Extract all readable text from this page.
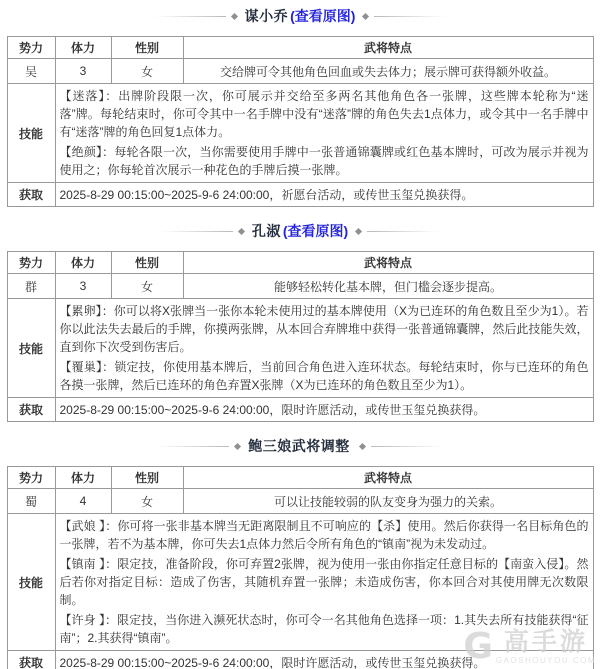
谋小乔 (查看原图)
势力	体力	性别	武将特点
吴	3	女	交给牌可令其他角色回血或失去体力；展示牌可获得额外收益。
技能	【迷落】：出牌阶段限一次，你可展示并交给至多两名其他角色各一张牌，这些牌本轮称为“迷落”牌。每轮结束时，你可令其中一名手牌中没有“迷落”牌的角色失去1点体力，或令其中一名手牌中有“迷落”牌的角色回复1点体力。

【绝颜】：每轮各限一次，当你需要使用手牌中一张普通锦囊牌或红色基本牌时，可改为展示并视为使用之；你每轮首次展示一种花色的手牌后摸一张牌。		

获取	2025-8-29 00:15:00~2025-9-6 24:00:00，祈愿台活动，或传世玉玺兑换获得。		
孔淑 (查看原图)
势力	体力	性别	武将特点
群	3	女	能够轻松转化基本牌，但门槛会逐步提高。
技能	【累卵】：你可以将X张牌当一张你本轮未使用过的基本牌使用（X为已连环的角色数且至少为1）。若你以此法失去最后的手牌，你摸两张牌，从本回合弃牌堆中获得一张普通锦囊牌，然后此技能失效，直到你下次受到伤害后。

【覆巢】：锁定技，你使用基本牌后，当前回合角色进入连环状态。每轮结束时，你与已连环的角色各摸一张牌，然后已连环的角色弃置X张牌（X为已连环的角色数且至少为1）。		

获取	2025-8-29 00:15:00~2025-9-6 24:00:00，限时许愿活动，或传世玉玺兑换获得。		
鲍三娘武将调整
势力	体力	性别	武将特点
蜀	4	女	可以让技能较弱的队友变身为强力的关索。
技能	【武娘 】：你可将一张非基本牌当无距离限制且不可响应的【杀】使用。然后你获得一名目标角色的一张牌，若不为基本牌，你可失去1点体力然后令所有角色的“镇南”视为未发动过。

【镇南 】：限定技，准备阶段，你可弃置2张牌，视为使用一张由你指定任意目标的【南蛮入侵】。然后若你对指定目标：造成了伤害，其随机弃置一张牌；未造成伤害，你本回合对其使用牌无次数限制。

【许身 】：限定技，当你进入濒死状态时，你可令一名其他角色选择一项：1.其失去所有技能获得“征南”；2.其获得“镇南”。		

获取	2025-8-29 00:15:00~2025-9-6 24:00:00，限时许愿活动，或传世玉玺兑换获得。		
G 高手游
GAOSHOUYOU.COM
